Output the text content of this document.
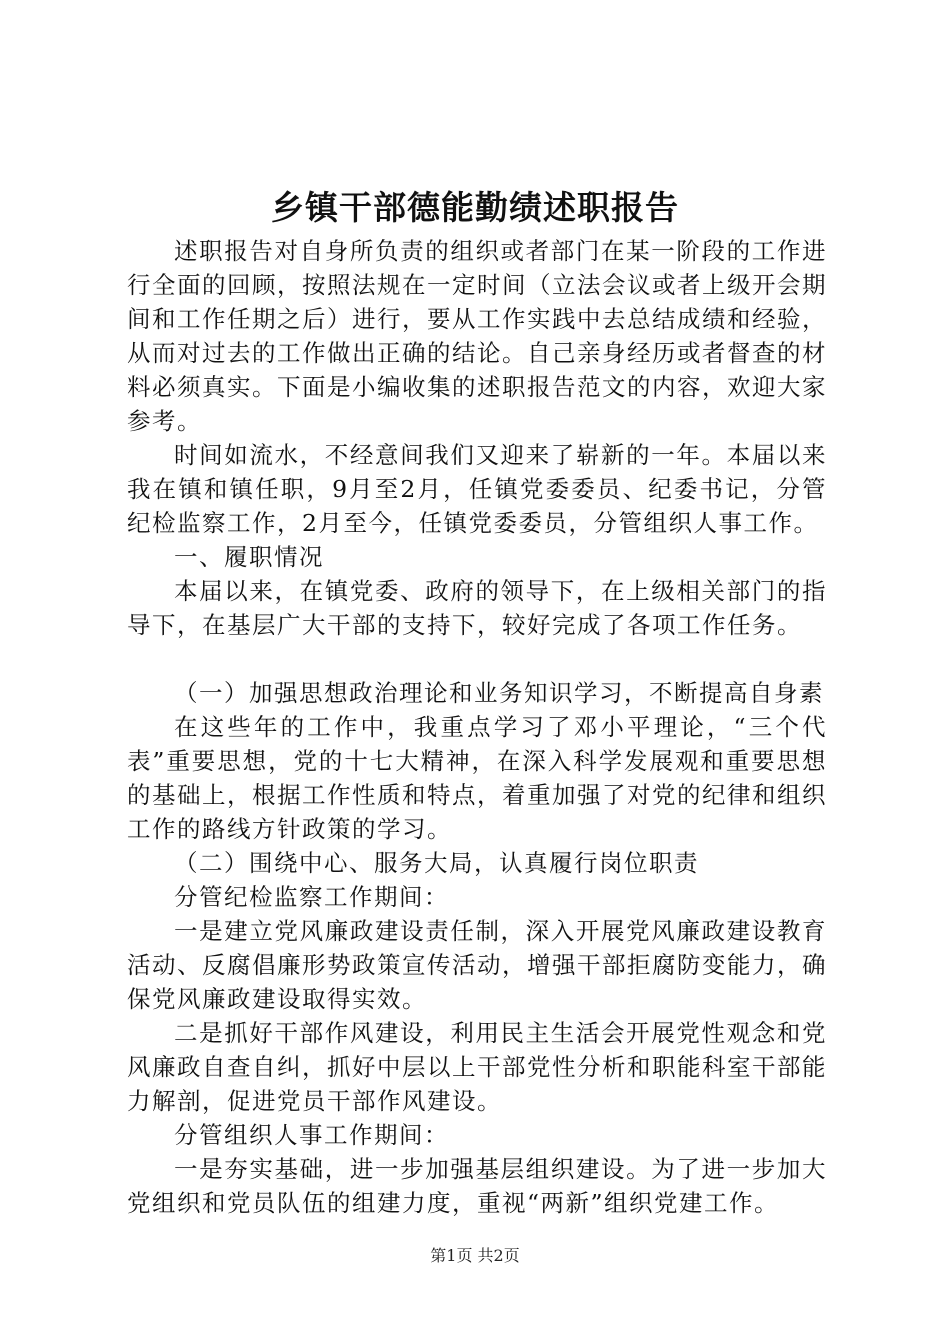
乡镇干部德能勤绩述职报告

述职报告对自身所负责的组织或者部门在某一阶段的工作进行全面的回顾，按照法规在一定时间（立法会议或者上级开会期间和工作任期之后）进行，要从工作实践中去总结成绩和经验，从而对过去的工作做出正确的结论。自己亲身经历或者督查的材料必须真实。下面是小编收集的述职报告范文的内容，欢迎大家参考。

时间如流水，不经意间我们又迎来了崭新的一年。本届以来我在镇和镇任职，9月至2月，任镇党委委员、纪委书记，分管纪检监察工作，2月至今，任镇党委委员，分管组织人事工作。

一、履职情况

本届以来，在镇党委、政府的领导下，在上级相关部门的指导下，在基层广大干部的支持下，较好完成了各项工作任务。

（一）加强思想政治理论和业务知识学习，不断提高自身素

在这些年的工作中，我重点学习了邓小平理论，“三个代表”重要思想，党的十七大精神，在深入科学发展观和重要思想的基础上，根据工作性质和特点，着重加强了对党的纪律和组织工作的路线方针政策的学习。

（二）围绕中心、服务大局，认真履行岗位职责

分管纪检监察工作期间：

一是建立党风廉政建设责任制，深入开展党风廉政建设教育活动、反腐倡廉形势政策宣传活动，增强干部拒腐防变能力，确保党风廉政建设取得实效。

二是抓好干部作风建设，利用民主生活会开展党性观念和党风廉政自查自纠，抓好中层以上干部党性分析和职能科室干部能力解剖，促进党员干部作风建设。

分管组织人事工作期间：

一是夯实基础，进一步加强基层组织建设。为了进一步加大党组织和党员队伍的组建力度，重视“两新”组织党建工作。

第1页 共2页
